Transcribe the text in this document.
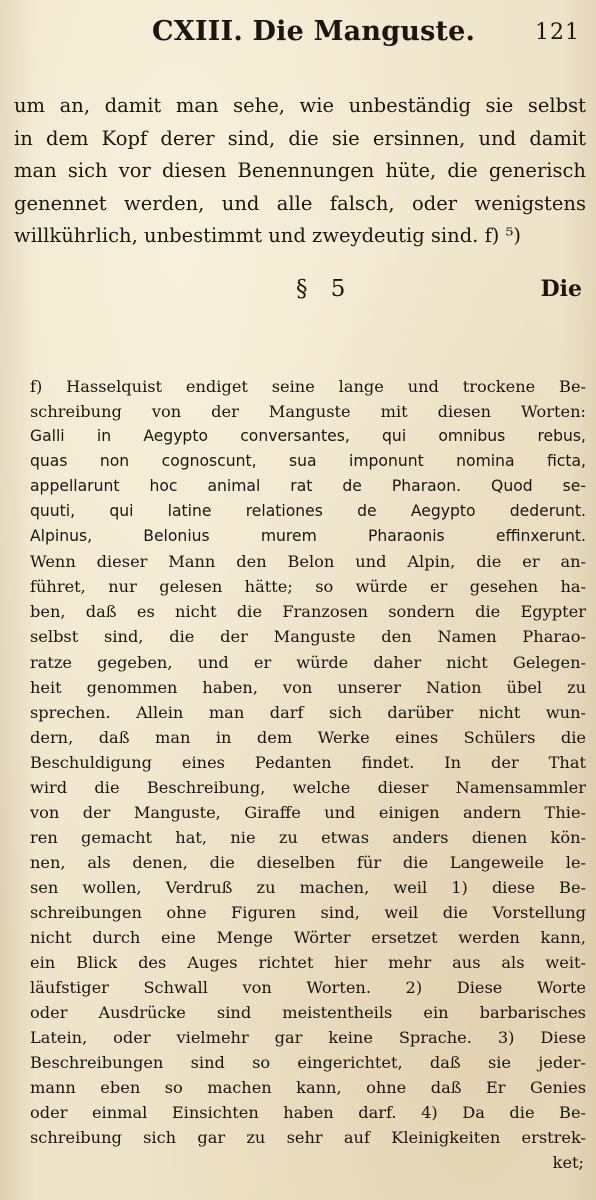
CXIII. Die Manguste.	121
um an, damit man sehe, wie unbeständig sie selbst
in dem Kopf derer sind, die sie ersinnen, und damit
man sich vor diesen Benennungen hüte, die generisch
genennet werden, und alle falsch, oder wenigstens
willkührlich, unbestimmt und zweydeutig sind. f) ⁵)
§ 5	Die
f) Hasselquist endiget seine lange und trockene Be-
schreibung von der Manguste mit diesen Worten:
Galli in Aegypto conversantes, qui omnibus rebus,
quas non cognoscunt, sua imponunt nomina ficta,
appellarunt hoc animal rat de Pharaon. Quod se-
quuti, qui latine relationes de Aegypto dederunt.
Alpinus, Belonius murem Pharaonis effinxerunt.
Wenn dieser Mann den Belon und Alpin, die er an-
führet, nur gelesen hätte; so würde er gesehen ha-
ben, daß es nicht die Franzosen sondern die Egypter
selbst sind, die der Manguste den Namen Pharao-
ratze gegeben, und er würde daher nicht Gelegen-
heit genommen haben, von unserer Nation übel zu
sprechen. Allein man darf sich darüber nicht wun-
dern, daß man in dem Werke eines Schülers die
Beschuldigung eines Pedanten findet. In der That
wird die Beschreibung, welche dieser Namensammler
von der Manguste, Giraffe und einigen andern Thie-
ren gemacht hat, nie zu etwas anders dienen kön-
nen, als denen, die dieselben für die Langeweile le-
sen wollen, Verdruß zu machen, weil 1) diese Be-
schreibungen ohne Figuren sind, weil die Vorstellung
nicht durch eine Menge Wörter ersetzet werden kann,
ein Blick des Auges richtet hier mehr aus als weit-
läufstiger Schwall von Worten. 2) Diese Worte
oder Ausdrücke sind meistentheils ein barbarisches
Latein, oder vielmehr gar keine Sprache. 3) Diese
Beschreibungen sind so eingerichtet, daß sie jeder-
mann eben so machen kann, ohne daß Er Genies
oder einmal Einsichten haben darf. 4) Da die Be-
schreibung sich gar zu sehr auf Kleinigkeiten erstrek-
ket;
